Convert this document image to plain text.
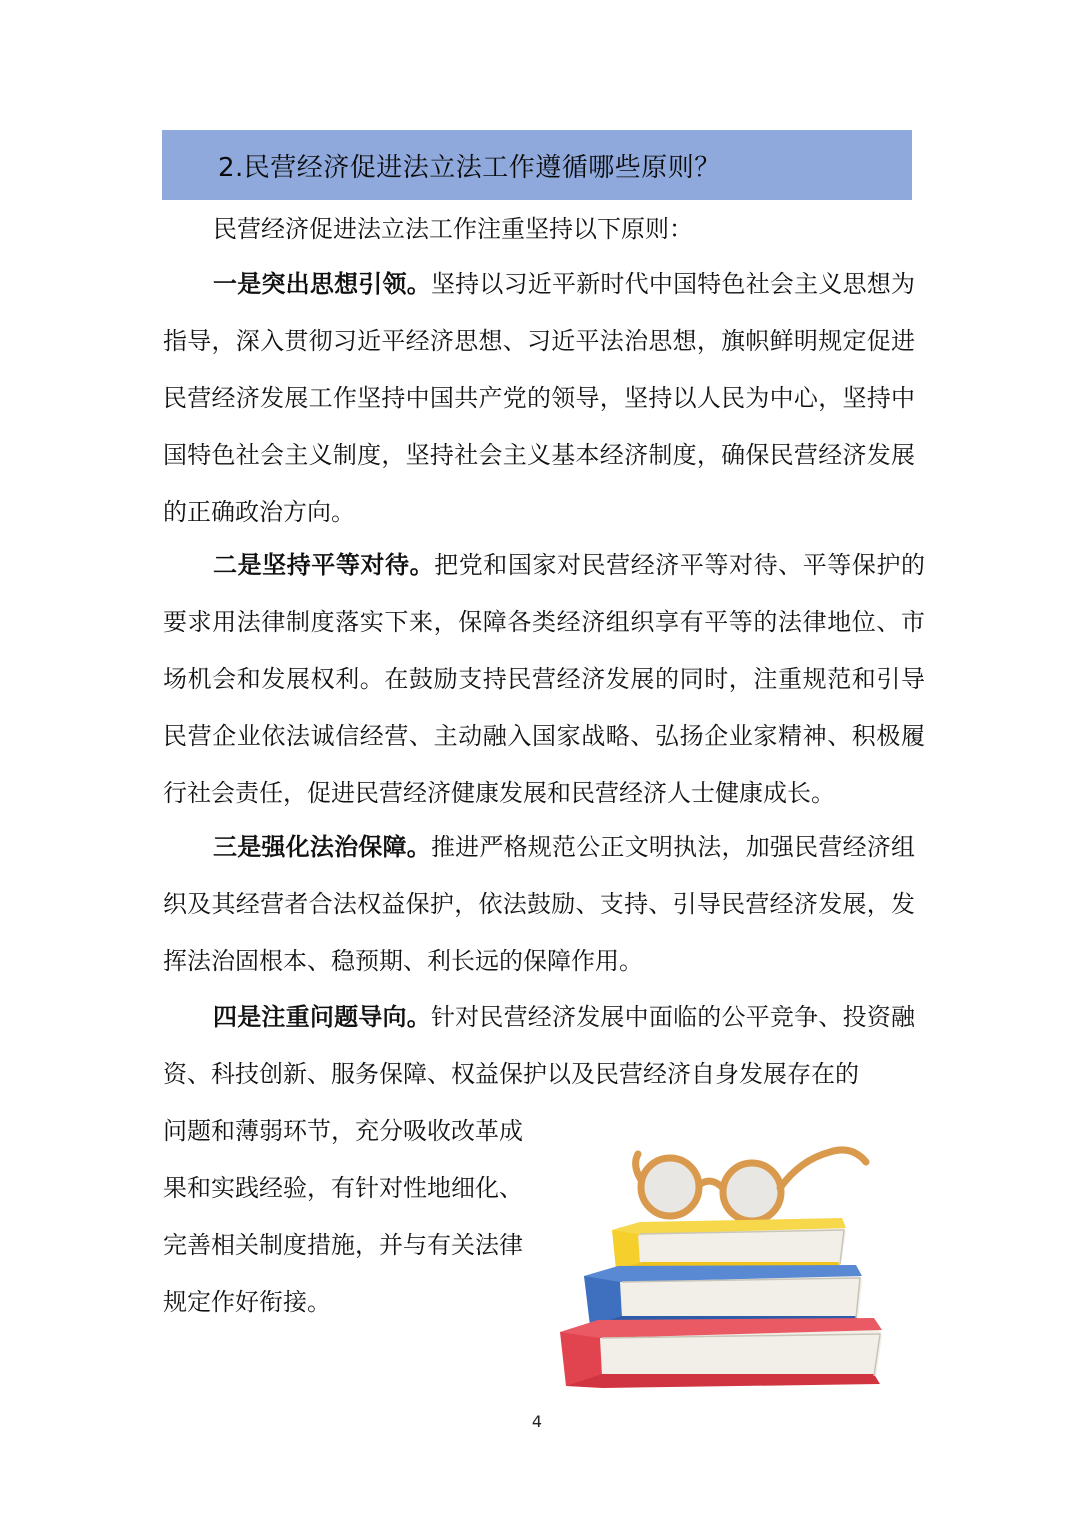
2.民营经济促进法立法工作遵循哪些原则？

民营经济促进法立法工作注重坚持以下原则：

一是突出思想引领。坚持以习近平新时代中国特色社会主义思想为指导，深入贯彻习近平经济思想、习近平法治思想，旗帜鲜明规定促进民营经济发展工作坚持中国共产党的领导，坚持以人民为中心，坚持中国特色社会主义制度，坚持社会主义基本经济制度，确保民营经济发展的正确政治方向。

二是坚持平等对待。把党和国家对民营经济平等对待、平等保护的要求用法律制度落实下来，保障各类经济组织享有平等的法律地位、市场机会和发展权利。在鼓励支持民营经济发展的同时，注重规范和引导民营企业依法诚信经营、主动融入国家战略、弘扬企业家精神、积极履行社会责任，促进民营经济健康发展和民营经济人士健康成长。

三是强化法治保障。推进严格规范公正文明执法，加强民营经济组织及其经营者合法权益保护，依法鼓励、支持、引导民营经济发展，发挥法治固根本、稳预期、利长远的保障作用。

四是注重问题导向。针对民营经济发展中面临的公平竞争、投资融资、科技创新、服务保障、权益保护以及民营经济自身发展存在的

问题和薄弱环节，充分吸收改革成果和实践经验，有针对性地细化、完善相关制度措施，并与有关法律规定作好衔接。

4
